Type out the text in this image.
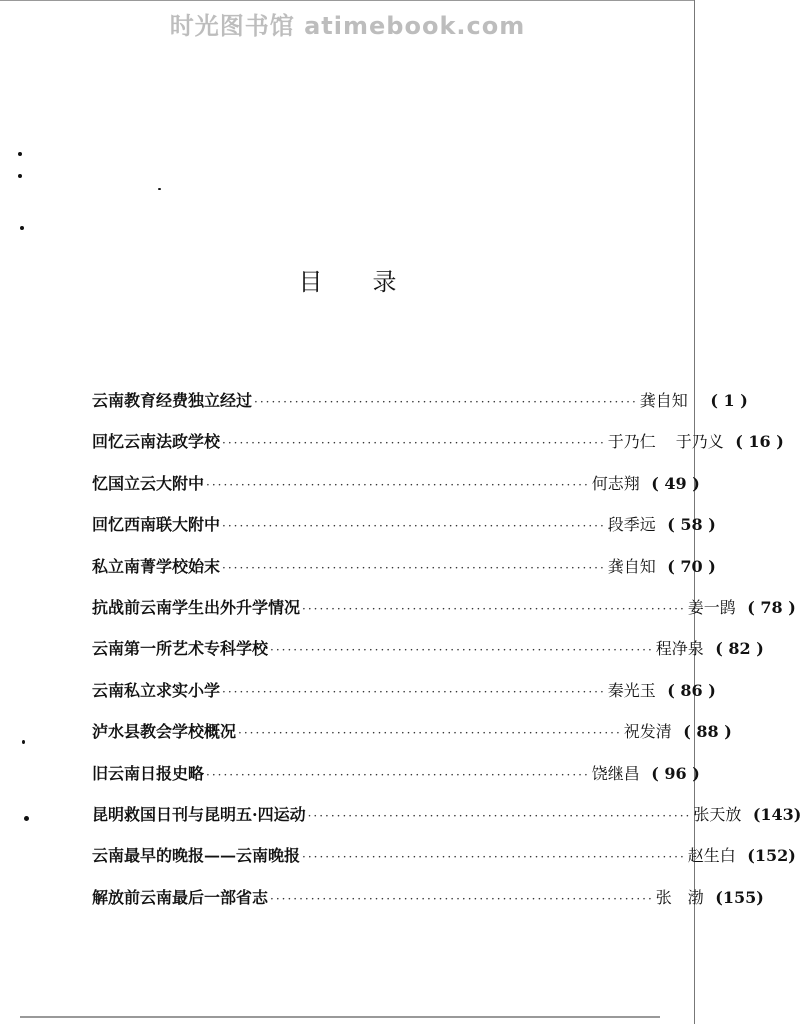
时光图书馆 atimebook.com
目录
云南教育经费独立经过 ·································································· 龚自知	( 1 )
回忆云南法政学校 ·································································· 于乃仁 于乃义 ( 16 )
忆国立云大附中 ·································································· 何志翔 ( 49 )
回忆西南联大附中 ·································································· 段季远 ( 58 )
私立南菁学校始末 ·································································· 龚自知 ( 70 )
抗战前云南学生出外升学情况 ·································································· 姜一鹍 ( 78 )
云南第一所艺术专科学校 ·································································· 程净泉 ( 82 )
云南私立求实小学 ·································································· 秦光玉 ( 86 )
泸水县教会学校概况 ·································································· 祝发清 ( 88 )
旧云南日报史略 ·································································· 饶继昌 ( 96 )
昆明救国日刊与昆明五·四运动 ·································································· 张天放 (143)
云南最早的晚报——云南晚报 ·································································· 赵生白 (152)
解放前云南最后一部省志 ·································································· 张　渤 (155)
